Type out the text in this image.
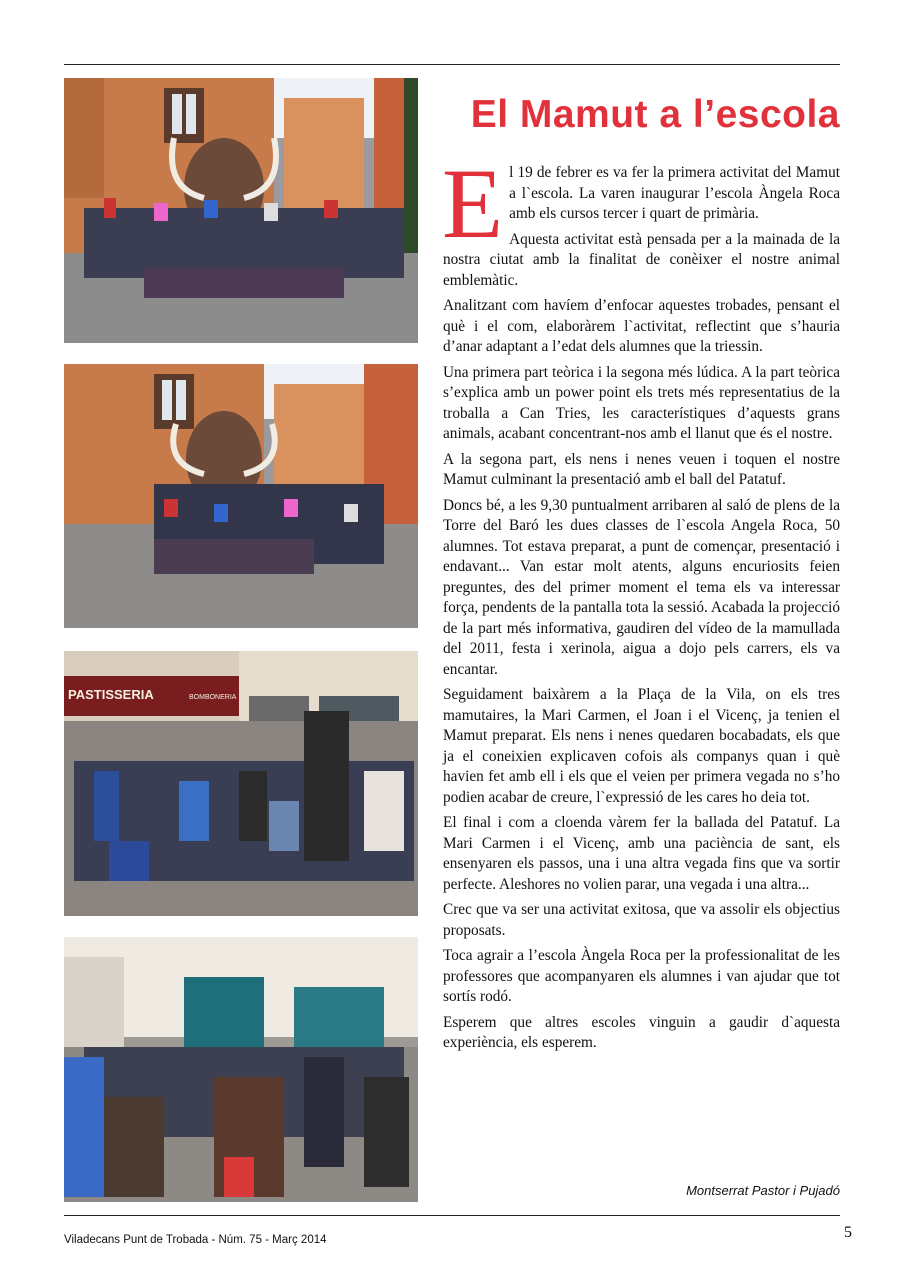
PASTISSERIA	BOMBONERIA
El Mamut a l’escola

El 19 de febrer es va fer la primera activitat del Mamut a l`escola. La varen inaugurar l’escola Àngela Roca amb els cursos tercer i quart de primària.

Aquesta activitat està pensada per a la mainada de la nostra ciutat amb la finalitat de conèixer el nostre animal emblemàtic.

Analitzant com havíem d’enfocar aquestes trobades, pensant el què i el com, elaboràrem l`activitat, reflectint que s’hauria d’anar adaptant a l’edat dels alumnes que la triessin.

Una primera part teòrica i la segona més lúdica. A la part teòrica s’explica amb un power point els trets més representatius de la troballa a Can Tries, les característiques d’aquests grans animals, acabant concentrant-nos amb el llanut que és el nostre.

A la segona part, els nens i nenes veuen i toquen el nostre Mamut culminant la presentació amb el ball del Patatuf.

Doncs bé, a les 9,30 puntualment arribaren al saló de plens de la Torre del Baró les dues classes de l`escola Angela Roca, 50 alumnes. Tot estava preparat, a punt de començar, presentació i endavant... Van estar molt atents, alguns encuriosits feien preguntes, des del primer moment el tema els va interessar força, pendents de la pantalla tota la sessió. Acabada la projecció de la part més informativa, gaudiren del vídeo de la mamullada del 2011, festa i xerinola, aigua a dojo pels carrers, els va encantar.

Seguidament baixàrem a la Plaça de la Vila, on els tres mamutaires, la Mari Carmen, el Joan i el Vicenç, ja tenien el Mamut preparat. Els nens i nenes quedaren bocabadats, els que ja el coneixien explicaven cofois als companys quan i què havien fet amb ell i els que el veien per primera vegada no s’ho podien acabar de creure, l`expressió de les cares ho deia tot.

El final i com a cloenda vàrem fer la ballada del Patatuf. La Mari Carmen i el Vicenç, amb una paciència de sant, els ensenyaren els passos, una i una altra vegada fins que va sortir perfecte. Aleshores no volien parar, una vegada i una altra...

Crec que va ser una activitat exitosa, que va assolir els objectius proposats.

Toca agrair a l’escola Àngela Roca per la professionalitat de les professores que acompanyaren els alumnes i van ajudar que tot sortís rodó.

Esperem que altres escoles vinguin a gaudir d`aquesta experiència, els esperem.

Montserrat Pastor i Pujadó
Viladecans Punt de Trobada - Núm. 75 - Març 2014	5
